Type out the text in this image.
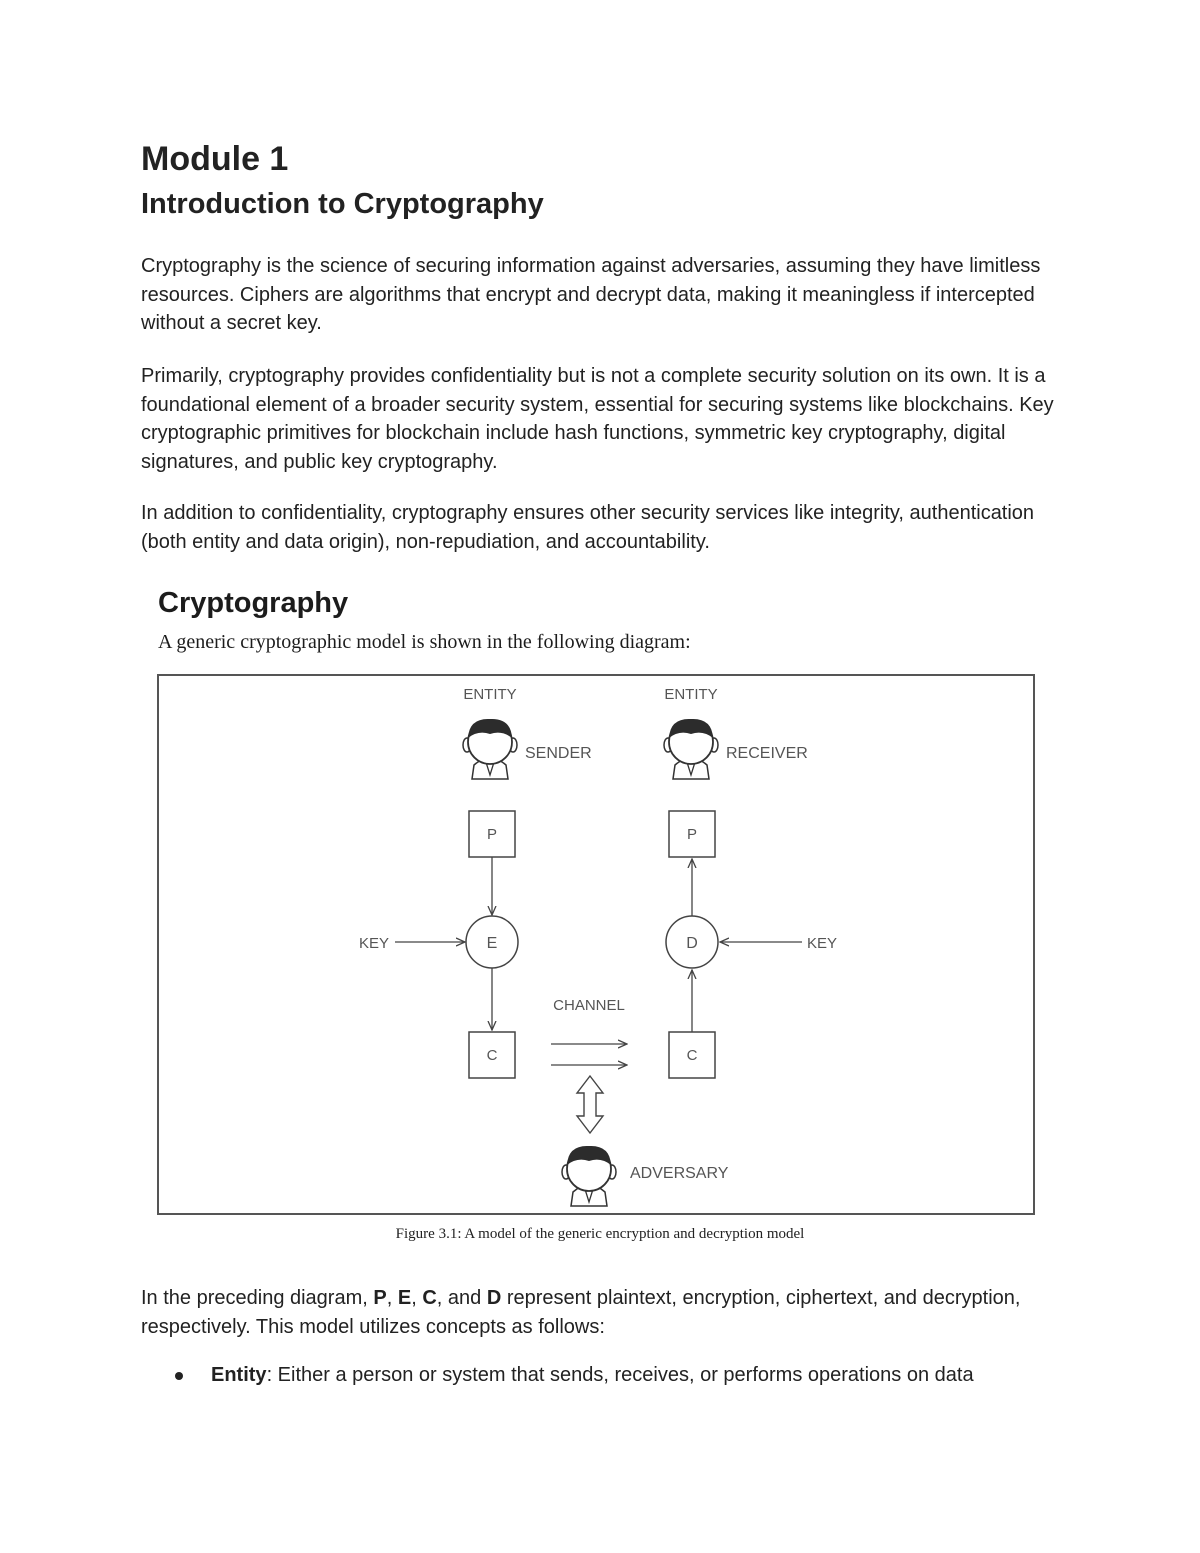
Module 1
Introduction to Cryptography

Cryptography is the science of securing information against adversaries, assuming they have limitless resources. Ciphers are algorithms that encrypt and decrypt data, making it meaningless if intercepted without a secret key.

Primarily, cryptography provides confidentiality but is not a complete security solution on its own. It is a foundational element of a broader security system, essential for securing systems like blockchains. Key cryptographic primitives for blockchain include hash functions, symmetric key cryptography, digital signatures, and public key cryptography.

In addition to confidentiality, cryptography ensures other security services like integrity, authentication (both entity and data origin), non-repudiation, and accountability.

Cryptography
A generic cryptographic model is shown in the following diagram:
ENTITY	ENTITY
SENDER	RECEIVER
P	P
E	D
KEY	KEY
C	C
CHANNEL
ADVERSARY
Figure 3.1: A model of the generic encryption and decryption model

In the preceding diagram, P, E, C, and D represent plaintext, encryption, ciphertext, and decryption, respectively. This model utilizes concepts as follows:

Entity: Either a person or system that sends, receives, or performs operations on data
